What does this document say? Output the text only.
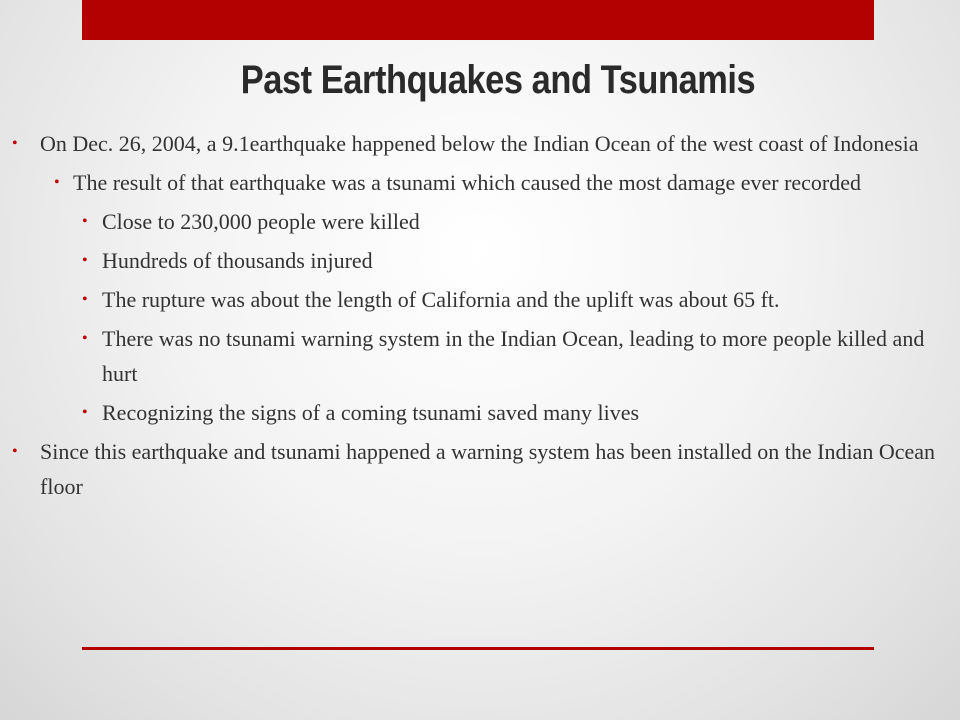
Past Earthquakes and Tsunamis
• On Dec. 26, 2004, a 9.1earthquake happened below the Indian Ocean of the west coast of Indonesia
• The result of that earthquake was a tsunami which caused the most damage ever recorded
• Close to 230,000 people were killed
• Hundreds of thousands injured
• The rupture was about the length of California and the uplift was about 65 ft.
• There was no tsunami warning system in the Indian Ocean, leading to more people killed and hurt
• Recognizing the signs of a coming tsunami saved many lives
• Since this earthquake and tsunami happened a warning system has been installed on the Indian Ocean floor
